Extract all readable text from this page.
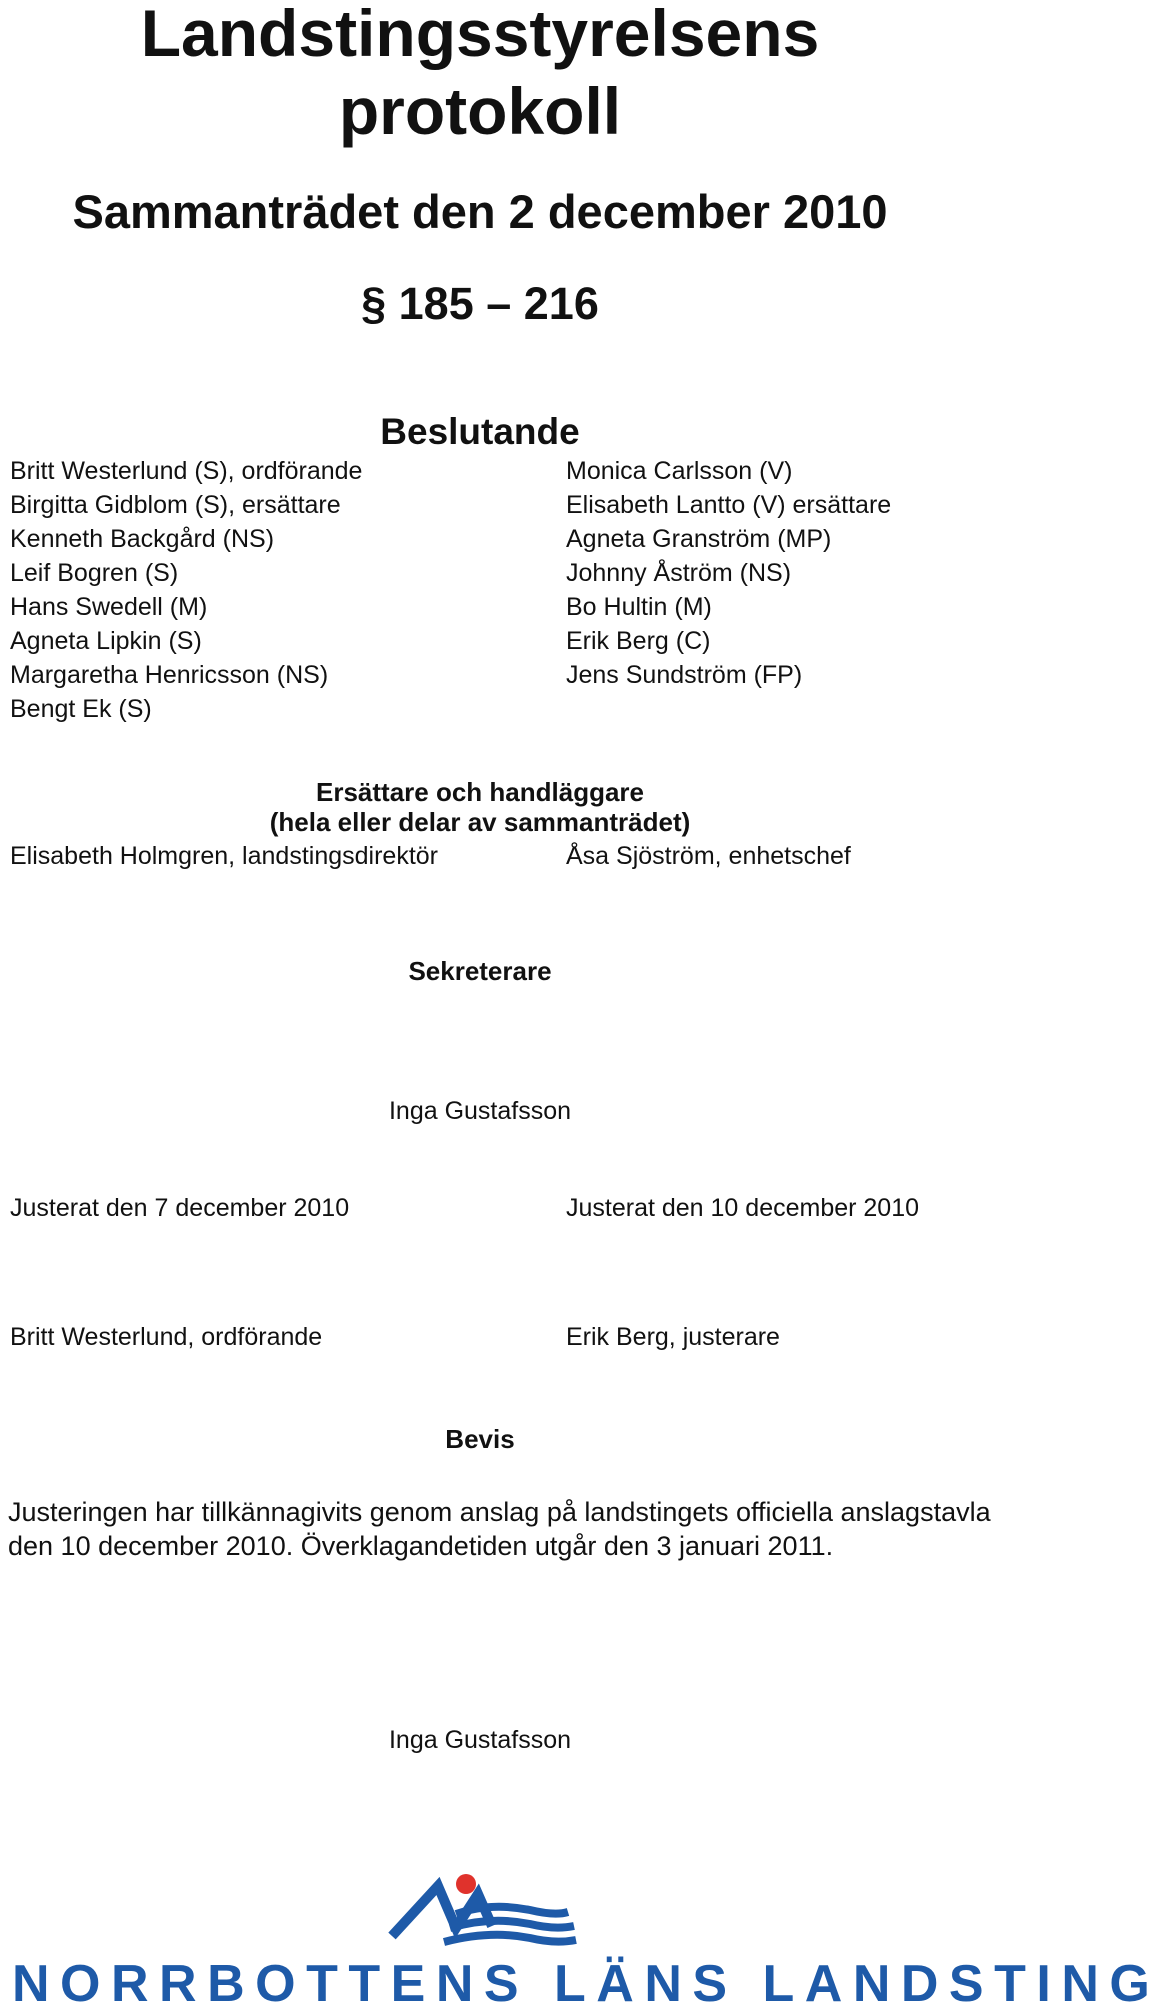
Landstingsstyrelsens
protokoll
Sammanträdet den 2 december 2010
§ 185 – 216
Beslutande
Britt Westerlund (S), ordförande
Birgitta Gidblom (S), ersättare
Kenneth Backgård (NS)
Leif Bogren (S)
Hans Swedell (M)
Agneta Lipkin (S)
Margaretha Henricsson (NS)
Bengt Ek (S)
Monica Carlsson (V)
Elisabeth Lantto (V) ersättare
Agneta Granström (MP)
Johnny Åström (NS)
Bo Hultin (M)
Erik Berg (C)
Jens Sundström (FP)
Ersättare och handläggare
(hela eller delar av sammanträdet)
Elisabeth Holmgren, landstingsdirektör	Åsa Sjöström, enhetschef
Sekreterare
Inga Gustafsson
Justerat den 7 december 2010	Justerat den 10 december 2010
Britt Westerlund, ordförande	Erik Berg, justerare
Bevis
Justeringen har tillkännagivits genom anslag på landstingets officiella anslagstavla
den 10 december 2010. Överklagandetiden utgår den 3 januari 2011.
Inga Gustafsson
NORRBOTTENS LÄNS LANDSTING
